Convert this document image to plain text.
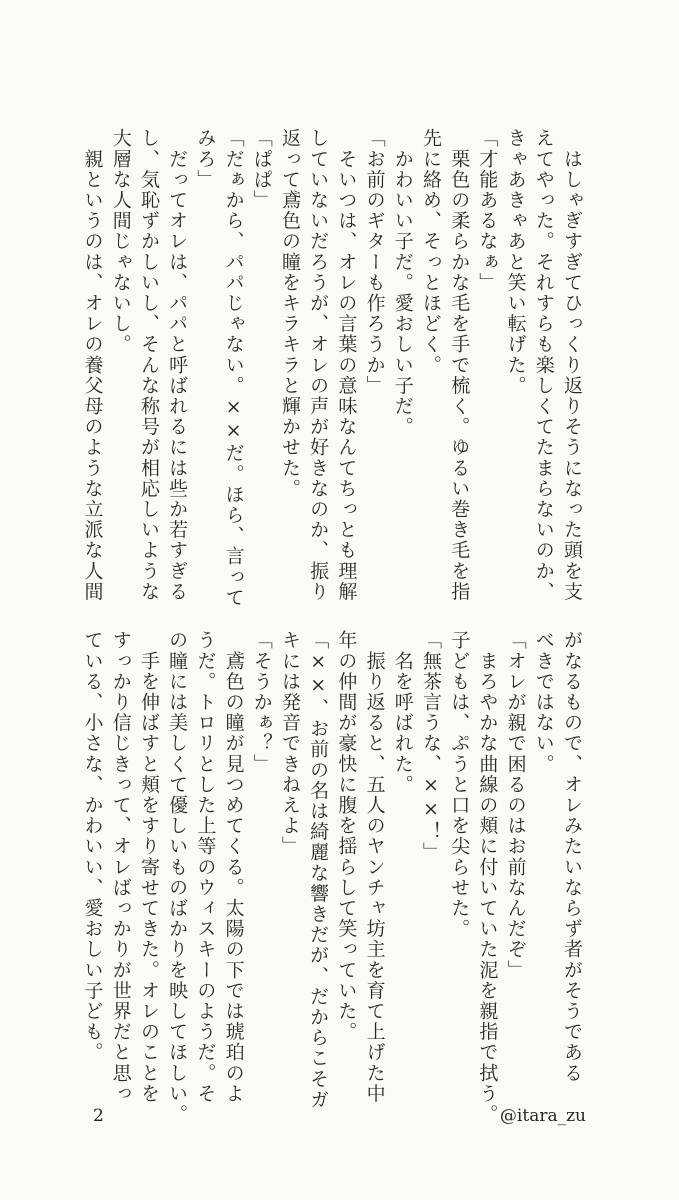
　はしゃぎすぎてひっくり返りそうになった頭を支
えてやった。それすらも楽しくてたまらないのか、
きゃあきゃあと笑い転げた。
「才能あるなぁ」
　栗色の柔らかな毛を手で梳く。ゆるい巻き毛を指
先に絡め、そっとほどく。
　かわいい子だ。愛おしい子だ。
「お前のギターも作ろうか」
　そいつは、オレの言葉の意味なんてちっとも理解
していないだろうが、オレの声が好きなのか、振り
返って鳶色の瞳をキラキラと輝かせた。
「ぱぱ」
「だぁから、パパじゃない。××だ。ほら、言って
みろ」
　だってオレは、パパと呼ばれるには些か若すぎる
し、気恥ずかしいし、そんな称号が相応しいような
大層な人間じゃないし。
　親というのは、オレの養父母のような立派な人間
がなるもので、オレみたいならず者がそうである
べきではない。
「オレが親で困るのはお前なんだぞ」
　まろやかな曲線の頬に付いていた泥を親指で拭う。
子どもは、ぷうと口を尖らせた。
「無茶言うな、××！」
　名を呼ばれた。
　振り返ると、五人のヤンチャ坊主を育て上げた中
年の仲間が豪快に腹を揺らして笑っていた。
「××、お前の名は綺麗な響きだが、だからこそガ
キには発音できねえよ」
「そうかぁ？」
　鳶色の瞳が見つめてくる。太陽の下では琥珀のよ
うだ。トロリとした上等のウィスキーのようだ。そ
の瞳には美しくて優しいものばかりを映してほしい。
　手を伸ばすと頬をすり寄せてきた。オレのことを
すっかり信じきって、オレばっかりが世界だと思っ
ている、小さな、かわいい、愛おしい子ども。
2	@itara_zu
